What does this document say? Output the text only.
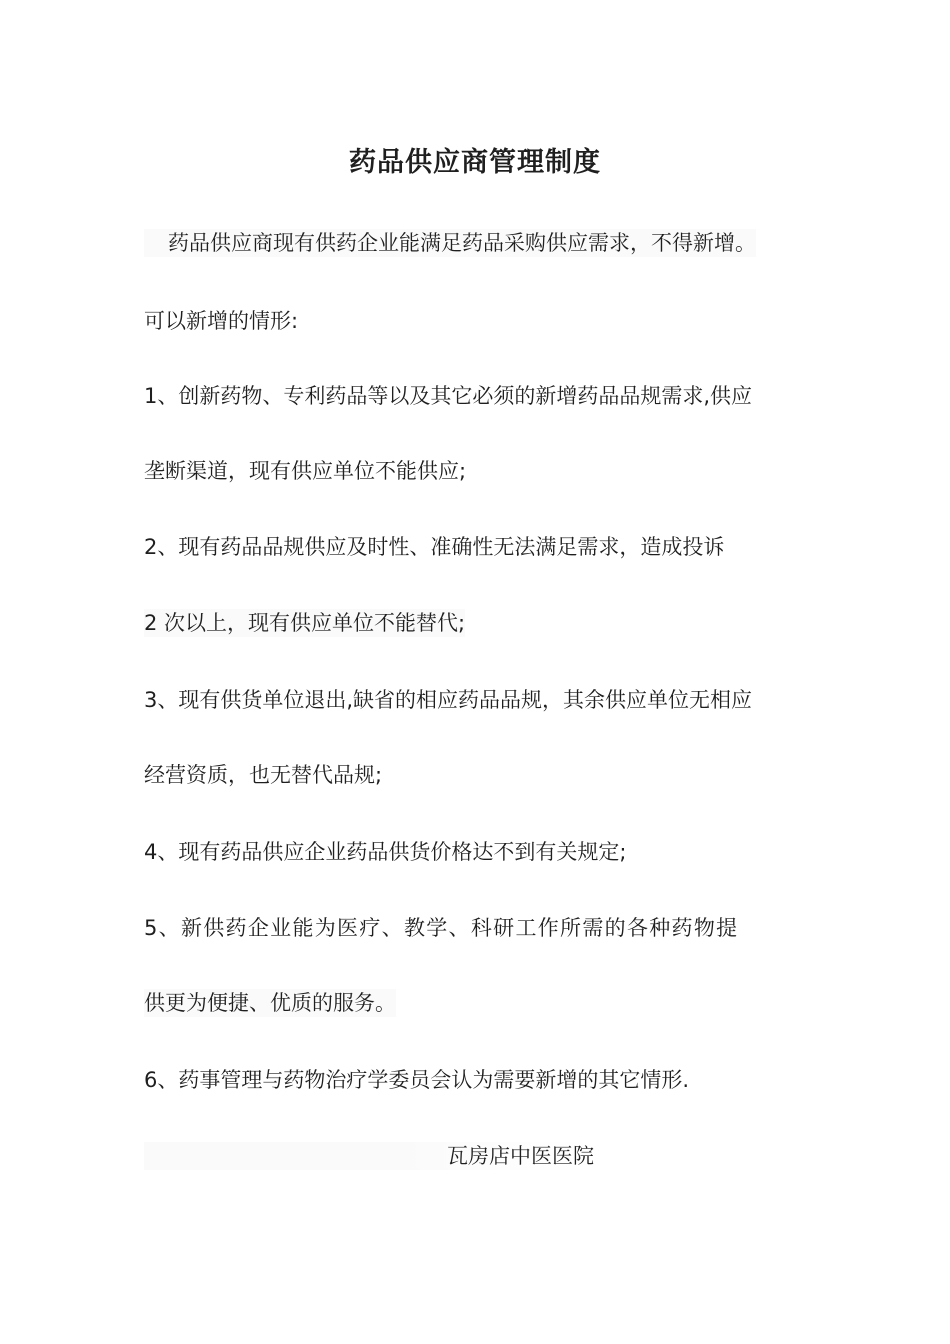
药品供应商管理制度
药品供应商现有供药企业能满足药品采购供应需求，不得新增。
可以新增的情形:
1、创新药物、专利药品等以及其它必须的新增药品品规需求,供应
垄断渠道，现有供应单位不能供应;
2、现有药品品规供应及时性、准确性无法满足需求，造成投诉
2 次以上，现有供应单位不能替代;
3、现有供货单位退出,缺省的相应药品品规，其余供应单位无相应
经营资质，也无替代品规;
4、现有药品供应企业药品供货价格达不到有关规定;
5、新供药企业能为医疗、教学、科研工作所需的各种药物提
供更为便捷、优质的服务。
6、药事管理与药物治疗学委员会认为需要新增的其它情形.
瓦房店中医医院
